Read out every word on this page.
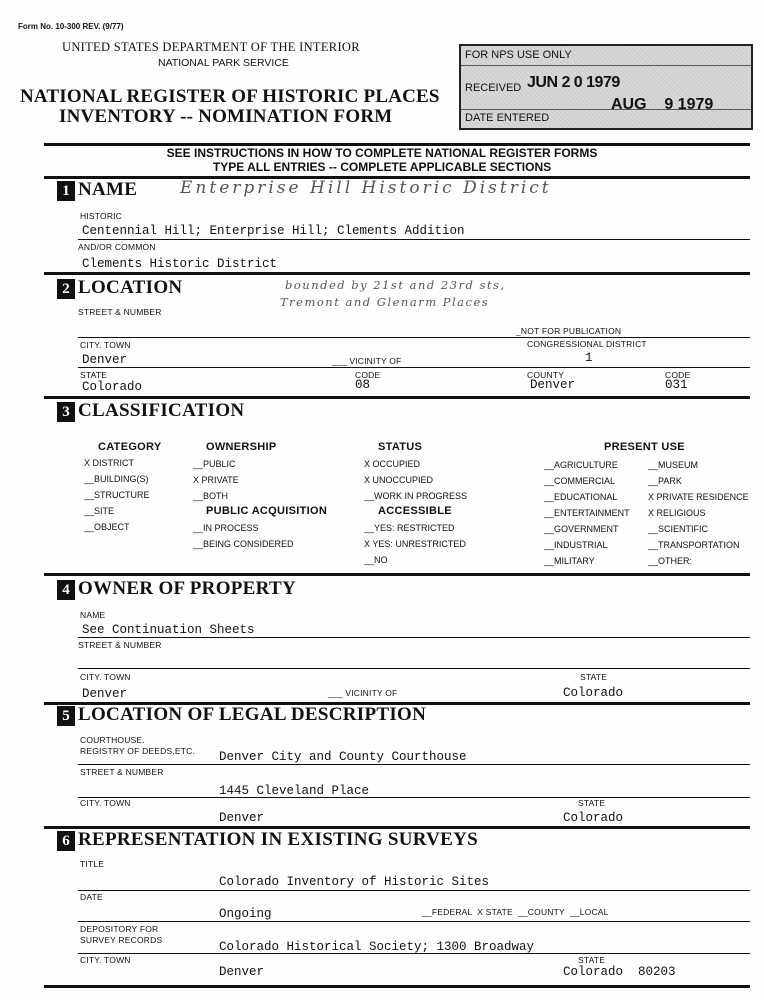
Form No. 10-300 REV. (9/77)
UNITED STATES DEPARTMENT OF THE INTERIOR
NATIONAL PARK SERVICE
NATIONAL REGISTER OF HISTORIC PLACES
INVENTORY -- NOMINATION FORM
FOR NPS USE ONLY
RECEIVED JUN 2 0 1979
AUG    9 1979
DATE ENTERED
SEE INSTRUCTIONS IN HOW TO COMPLETE NATIONAL REGISTER FORMS
TYPE ALL ENTRIES -- COMPLETE APPLICABLE SECTIONS
1 NAME	Enterprise Hill Historic District
HISTORIC
Centennial Hill; Enterprise Hill; Clements Addition
AND/OR COMMON
Clements Historic District
2 LOCATION	bounded by 21st and 23rd sts,
Tremont and Glenarm Places
STREET & NUMBER
_NOT FOR PUBLICATION
CITY. TOWN	CONGRESSIONAL DISTRICT
Denver	___ VICINITY OF	1
STATE	CODE	COUNTY	CODE
Colorado	08	Denver	031
3 CLASSIFICATION
CATEGORY
X DISTRICT
__BUILDING(S)
__STRUCTURE
__SITE
__OBJECT
OWNERSHIP
__PUBLIC
X PRIVATE
__BOTH
PUBLIC ACQUISITION
__IN PROCESS
__BEING CONSIDERED
STATUS
X OCCUPIED
X UNOCCUPIED
__WORK IN PROGRESS
ACCESSIBLE
__YES: RESTRICTED
X YES: UNRESTRICTED
__NO
PRESENT USE
__AGRICULTURE
__COMMERCIAL
__EDUCATIONAL
__ENTERTAINMENT
__GOVERNMENT
__INDUSTRIAL
__MILITARY
__MUSEUM
__PARK
X PRIVATE RESIDENCE
X RELIGIOUS
__SCIENTIFIC
__TRANSPORTATION
__OTHER:
4 OWNER OF PROPERTY
NAME
See Continuation Sheets
STREET & NUMBER
CITY. TOWN	STATE
Denver	___ VICINITY OF	Colorado
5 LOCATION OF LEGAL DESCRIPTION
COURTHOUSE.
REGISTRY OF DEEDS,ETC. Denver City and County Courthouse
STREET & NUMBER
1445 Cleveland Place
CITY. TOWN	STATE
Denver	Colorado
6 REPRESENTATION IN EXISTING SURVEYS
TITLE
Colorado Inventory of Historic Sites
DATE
Ongoing	__FEDERAL  X STATE  __COUNTY  __LOCAL
DEPOSITORY FOR
SURVEY RECORDS	Colorado Historical Society; 1300 Broadway
CITY. TOWN	STATE
Denver	Colorado  80203
